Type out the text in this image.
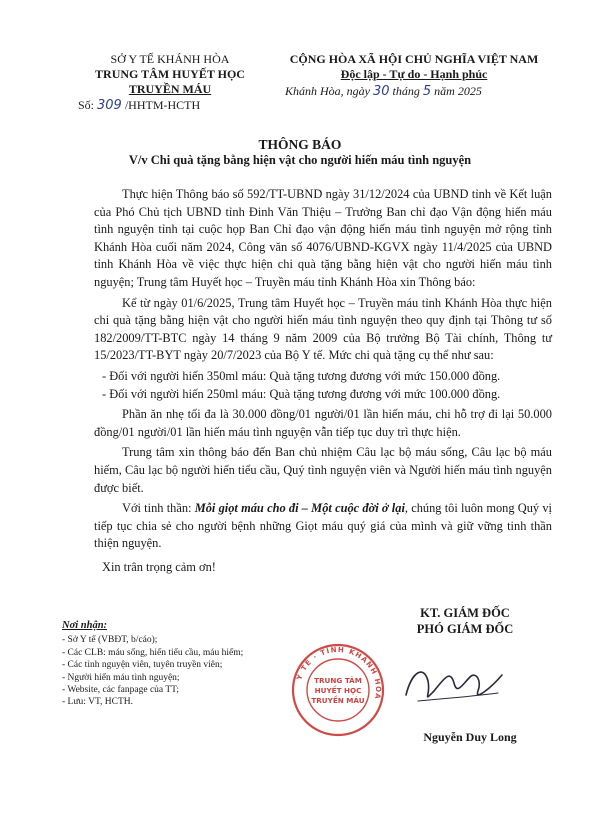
SỞ Y TẾ KHÁNH HÒA
TRUNG TÂM HUYẾT HỌC
TRUYỀN MÁU
Số: 309 /HHTM-HCTH
CỘNG HÒA XÃ HỘI CHỦ NGHĨA VIỆT NAM
Độc lập - Tự do - Hạnh phúc
Khánh Hòa, ngày 30 tháng 5 năm 2025
THÔNG BÁO
V/v Chi quà tặng bằng hiện vật cho người hiến máu tình nguyện

Thực hiện Thông báo số 592/TT-UBND ngày 31/12/2024 của UBND tỉnh về Kết luận của Phó Chủ tịch UBND tỉnh Đinh Văn Thiệu – Trưởng Ban chỉ đạo Vận động hiến máu tình nguyện tỉnh tại cuộc họp Ban Chỉ đạo vận động hiến máu tình nguyện mở rộng tỉnh Khánh Hòa cuối năm 2024, Công văn số 4076/UBND-KGVX ngày 11/4/2025 của UBND tỉnh Khánh Hòa về việc thực hiện chi quà tặng bằng hiện vật cho người hiến máu tình nguyện; Trung tâm Huyết học – Truyền máu tỉnh Khánh Hòa xin Thông báo:

Kể từ ngày 01/6/2025, Trung tâm Huyết học – Truyền máu tỉnh Khánh Hòa thực hiện chi quà tặng bằng hiện vật cho người hiến máu tình nguyện theo quy định tại Thông tư số 182/2009/TT-BTC ngày 14 tháng 9 năm 2009 của Bộ trưởng Bộ Tài chính, Thông tư 15/2023/TT-BYT ngày 20/7/2023 của Bộ Y tế. Mức chi quà tặng cụ thể như sau:

- Đối với người hiến 350ml máu: Quà tặng tương đương với mức 150.000 đồng.

- Đối với người hiến 250ml máu: Quà tặng tương đương với mức 100.000 đồng.

Phần ăn nhẹ tối đa là 30.000 đồng/01 người/01 lần hiến máu, chi hỗ trợ đi lại 50.000 đồng/01 người/01 lần hiến máu tình nguyện vẫn tiếp tục duy trì thực hiện.

Trung tâm xin thông báo đến Ban chủ nhiệm Câu lạc bộ máu sống, Câu lạc bộ máu hiếm, Câu lạc bộ người hiến tiểu cầu, Quý tình nguyện viên và Người hiến máu tình nguyện được biết.

Với tinh thần: Mỗi giọt máu cho đi – Một cuộc đời ở lại, chúng tôi luôn mong Quý vị tiếp tục chia sẻ cho người bệnh những Giọt máu quý giá của mình và giữ vững tinh thần thiện nguyện.

Xin trân trọng cảm ơn!

Nơi nhận:
- Sở Y tế (VBĐT, b/cáo);
- Các CLB: máu sống, hiến tiểu cầu, máu hiếm;
- Các tình nguyện viên, tuyên truyền viên;
- Người hiến máu tình nguyện;
- Website, các fanpage của TT;
- Lưu: VT, HCTH.
KT. GIÁM ĐỐC
PHÓ GIÁM ĐỐC
Y TẾ · TỈNH KHÁNH HÒA
TRUNG TÂM
HUYẾT HỌC
TRUYỀN MÁU
Nguyễn Duy Long
